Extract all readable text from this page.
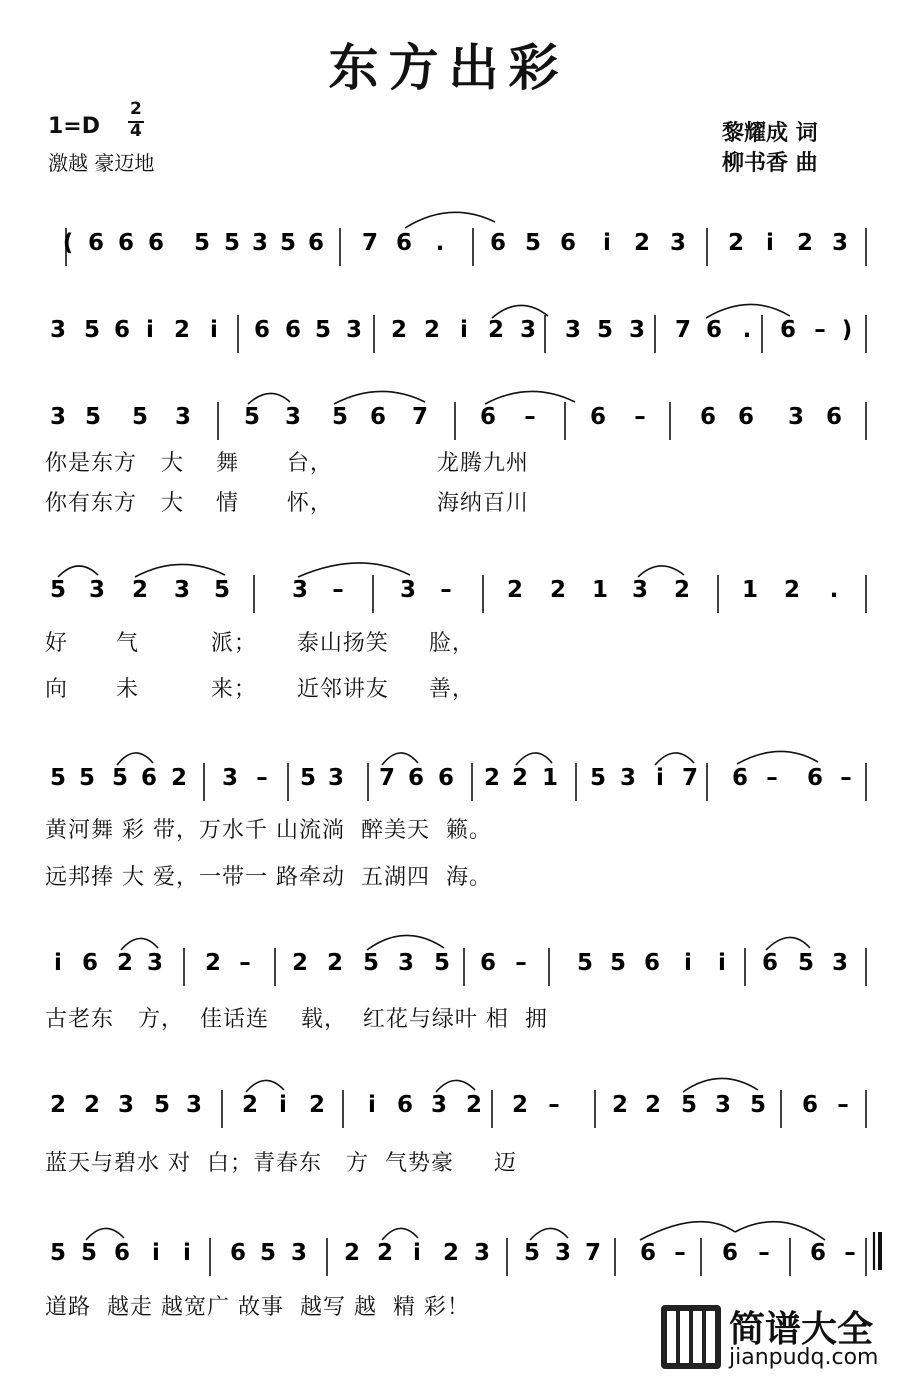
东方出彩
1=D
2
4
激越 豪迈地
黎耀成 词
柳书香 曲
( 6 6 6 5 5 3 5 6 7 6 . 6 5 6 i 2 3 2 i 2 3
3 5 6 i 2 i 6 6 5 3 2 2 i 2 3 3 5 3 7 6 . 6 – )
3 5 5 3 5 3 5 6 7 6 – 6 – 6 6 3 6
5 3 2 3 5	3 – 3 – 2 2 1 3 2 1 2 .
5 5 5 6 2 3 – 5 3 7 6 6 2 2 1 5 3 i 7 6 – 6 –
i 6 2 3 2 – 2 2 5 3 5 6 – 5 5 6 i i 6 5 3
2 2 3 5 3 2 i 2 i 6 3 2 2 – 2 2 5 3 5 6 –
5 5 6 i i 6 5 3 2 2 i 2 3 5 3 7 6 – 6 – 6 –
你是东方   大    舞      台，             龙腾九州
你有东方   大    情      怀，             海纳百川
好      气         派；     泰山扬笑     脸，
向      未         来；     近邻讲友     善，
黄河舞 彩 带，万水千 山流淌  醉美天  籁。
远邦捧 大 爱，一带一 路牵动  五湖四  海。
古老东   方，  佳话连    载，  红花与绿叶 相  拥
蓝天与碧水 对  白；青春东   方  气势豪     迈
道路  越走 越宽广 故事  越写 越  精 彩！
简谱大全
jianpudq.com
